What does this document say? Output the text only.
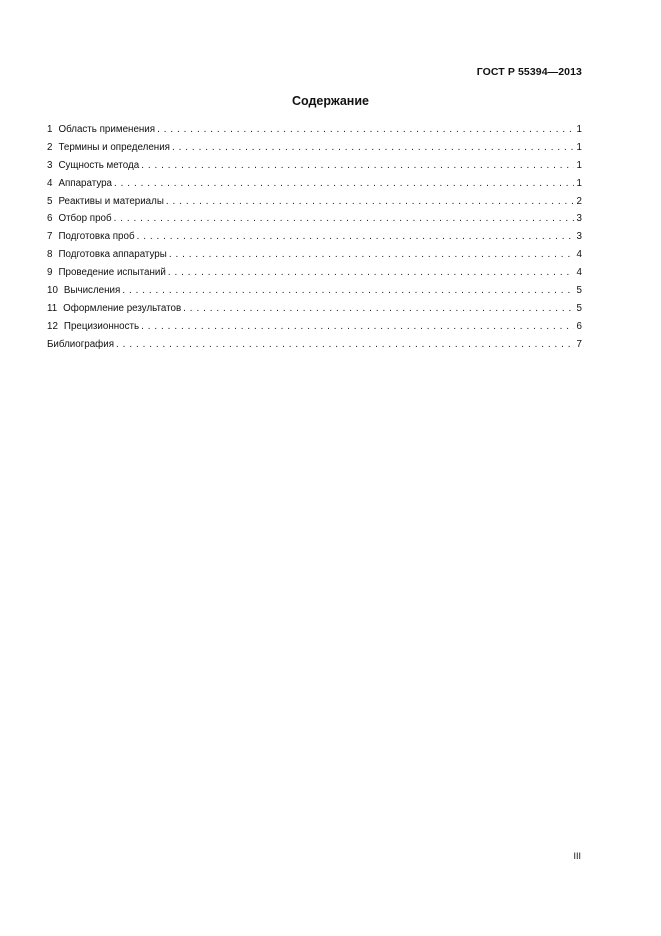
ГОСТ Р 55394—2013
Содержание
1 Область применения . . .	1
2 Термины и определения . . .	1
3 Сущность метода . . .	1
4 Аппаратура . . .	1
5 Реактивы и материалы . . .	2
6 Отбор проб . . .	3
7 Подготовка проб . . .	3
8 Подготовка аппаратуры . . .	4
9 Проведение испытаний . . .	4
10 Вычисления . . .	5
11 Оформление результатов . . .	5
12 Прецизионность . . .	6
Библиография . . .	7
III
